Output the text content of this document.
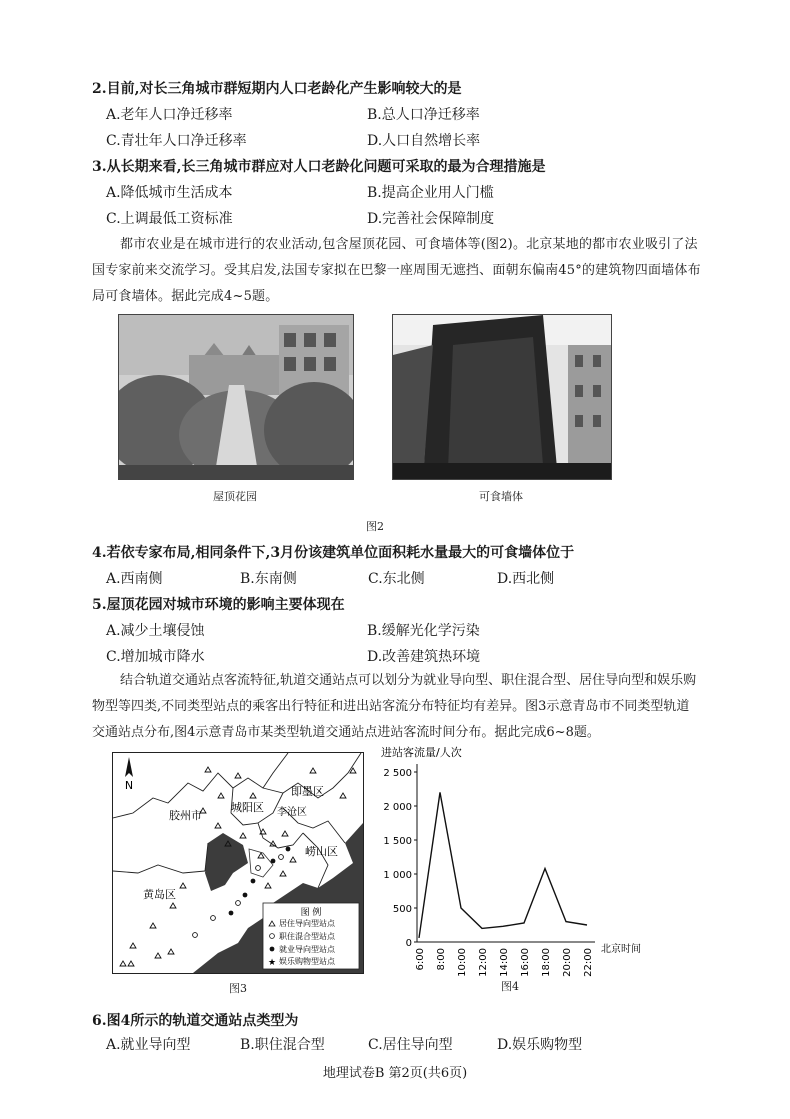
2.目前,对长三角城市群短期内人口老龄化产生影响较大的是
A.老年人口净迁移率	B.总人口净迁移率
C.青壮年人口净迁移率	D.人口自然增长率
3.从长期来看,长三角城市群应对人口老龄化问题可采取的最为合理措施是
A.降低城市生活成本	B.提高企业用人门槛
C.上调最低工资标准	D.完善社会保障制度
都市农业是在城市进行的农业活动,包含屋顶花园、可食墙体等(图2)。北京某地的都市农业吸引了法国专家前来交流学习。受其启发,法国专家拟在巴黎一座周围无遮挡、面朝东偏南45°的建筑物四面墙体布局可食墙体。据此完成4~5题。
屋顶花园	可食墙体
图2
4.若依专家布局,相同条件下,3月份该建筑单位面积耗水量最大的可食墙体位于
A.西南侧	B.东南侧	C.东北侧	D.西北侧
5.屋顶花园对城市环境的影响主要体现在
A.减少土壤侵蚀	B.缓解光化学污染
C.增加城市降水	D.改善建筑热环境
结合轨道交通站点客流特征,轨道交通站点可以划分为就业导向型、职住混合型、居住导向型和娱乐购物型等四类,不同类型站点的乘客出行特征和进出站客流分布特征均有差异。图3示意青岛市不同类型轨道交通站点分布,图4示意青岛市某类型轨道交通站点进站客流时间分布。据此完成6~8题。
N	即墨区
胶州市
城阳区 李沧区
崂山区
黄岛区
图 例
居住导向型站点
职住混合型站点
就业导向型站点
★ 娱乐购物型站点
图3
进站客流量/人次
0
500
1 000
1 500
2 000
2 500
6:00 8:00 10:00 12:00 14:00 16:00 18:00 20:00 22:00 北京时间
图4
6.图4所示的轨道交通站点类型为
A.就业导向型	B.职住混合型	C.居住导向型	D.娱乐购物型
地理试卷B 第2页(共6页)
